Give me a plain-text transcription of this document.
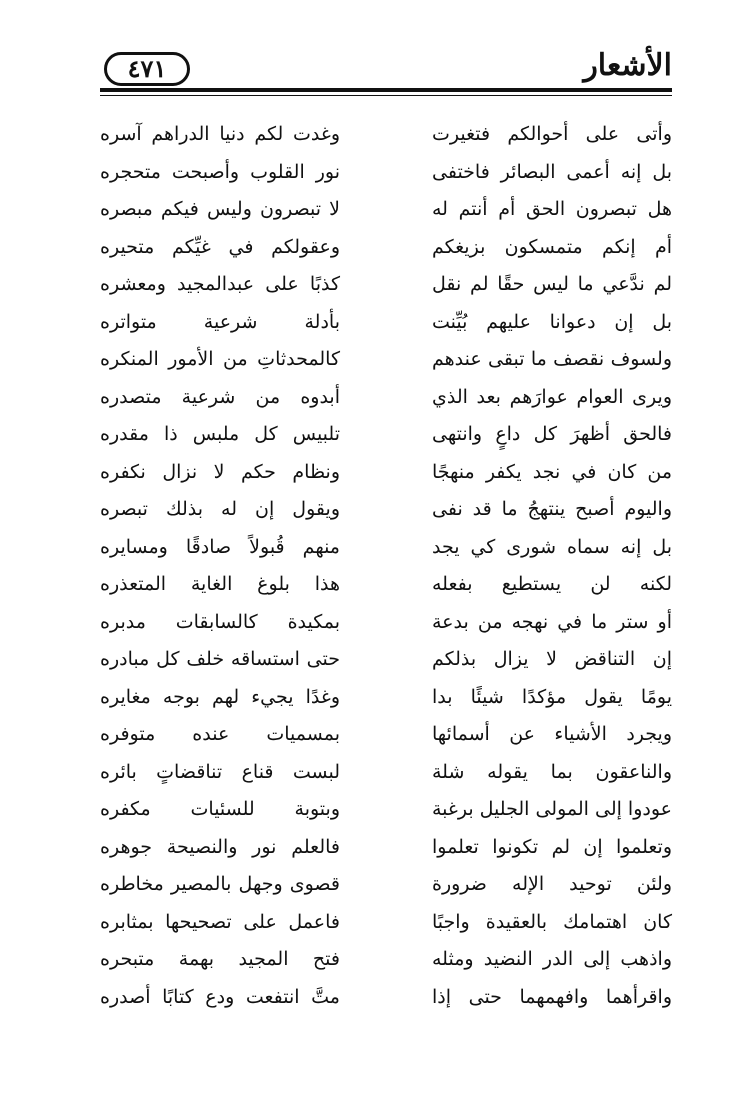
الأشعار
٤٧١
وأتى على أحوالكم فتغيرت
وغدت لكم دنيا الدراهم آسره
بل إنه أعمى البصائر فاختفى
نور القلوب وأصبحت متحجره
هل تبصرون الحق أم أنتم له
لا تبصرون وليس فيكم مبصره
أم إنكم متمسكون بزيغكم
وعقولكم في غيِّكم متحيره
لم ندَّعي ما ليس حقًا لم نقل
كذبًا على عبدالمجيد ومعشره
بل إن دعوانا عليهم بُيِّنت
بأدلة شرعية متواتره
ولسوف نقصف ما تبقى عندهم
كالمحدثاتِ من الأمور المنكره
ويرى العوام عوارَهم بعد الذي
أبدوه من شرعية متصدره
فالحق أظهرَ كل داعٍ وانتهى
تلبيس كل ملبس ذا مقدره
من كان في نجد يكفر منهجًا
ونظام حكم لا نزال نكفره
واليوم أصبح ينتهجُ ما قد نفى
ويقول إن له بذلك تبصره
بل إنه سماه شورى كي يجد
منهم قُبولاً صادقًا ومسايره
لكنه لن يستطيع بفعله
هذا بلوغ الغاية المتعذره
أو ستر ما في نهجه من بدعة
بمكيدة كالسابقات مدبره
إن التناقض لا يزال بذلكم
حتى استساقه خلف كل مبادره
يومًا يقول مؤكدًا شيئًا بدا
وغدًا يجيء لهم بوجه مغايره
ويجرد الأشياء عن أسمائها
بمسميات عنده متوفره
والناعقون بما يقوله شلة
لبست قناع تناقضاتٍ بائره
عودوا إلى المولى الجليل برغبة
وبتوبة للسئيات مكفره
وتعلموا إن لم تكونوا تعلموا
فالعلم نور والنصيحة جوهره
ولئن توحيد الإله ضرورة
قصوى وجهل بالمصير مخاطره
كان اهتمامك بالعقيدة واجبًا
فاعمل على تصحيحها بمثابره
واذهب إلى الدر النضيد ومثله
فتح المجيد بهمة متبحره
واقرأهما وافهمهما حتى إذا
متَّ انتفعت ودع كتابًا أصدره
